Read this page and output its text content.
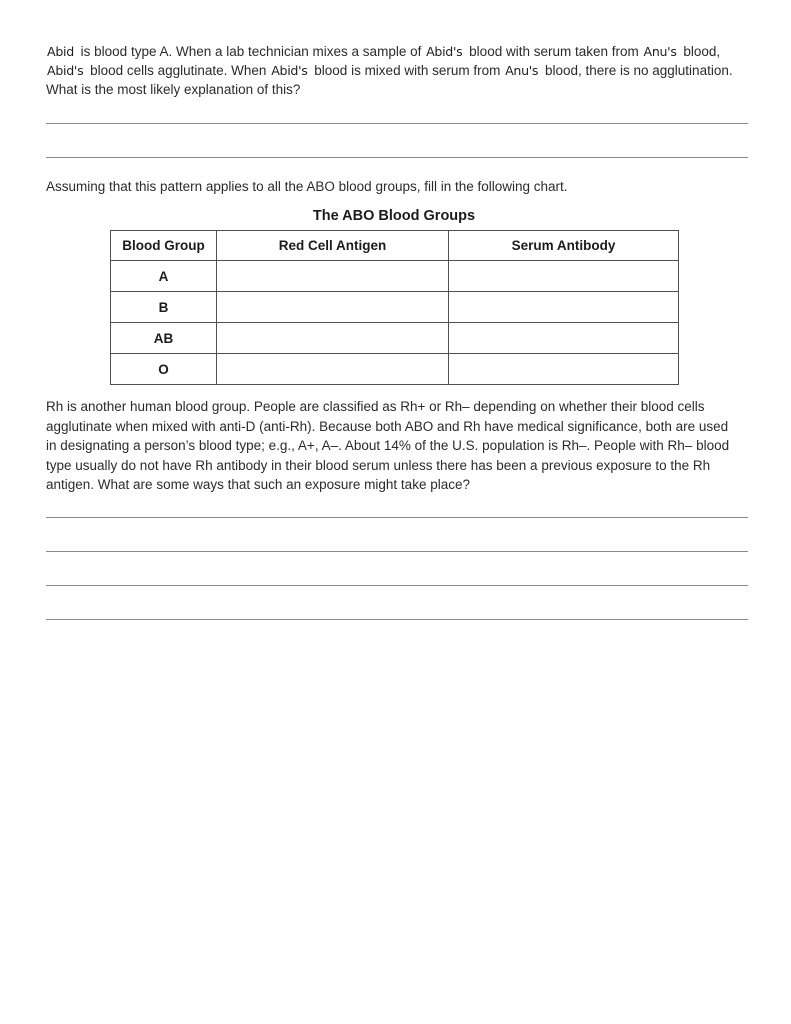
Abid is blood type A. When a lab technician mixes a sample of Abid's blood with serum taken from Anu's blood,
Abid's blood cells agglutinate. When Abid's blood is mixed with serum from Anu's blood, there is no agglutination.
What is the most likely explanation of this?

Assuming that this pattern applies to all the ABO blood groups, fill in the following chart.

The ABO Blood Groups
Blood Group	Red Cell Antigen	Serum Antibody
A		
B		
AB		
O		

Rh is another human blood group. People are classified as Rh+ or Rh– depending on whether their blood cells
agglutinate when mixed with anti-D (anti-Rh). Because both ABO and Rh have medical significance, both are used
in designating a person’s blood type; e.g., A+, A–. About 14% of the U.S. population is Rh–. People with Rh– blood
type usually do not have Rh antibody in their blood serum unless there has been a previous exposure to the Rh
antigen. What are some ways that such an exposure might take place?
